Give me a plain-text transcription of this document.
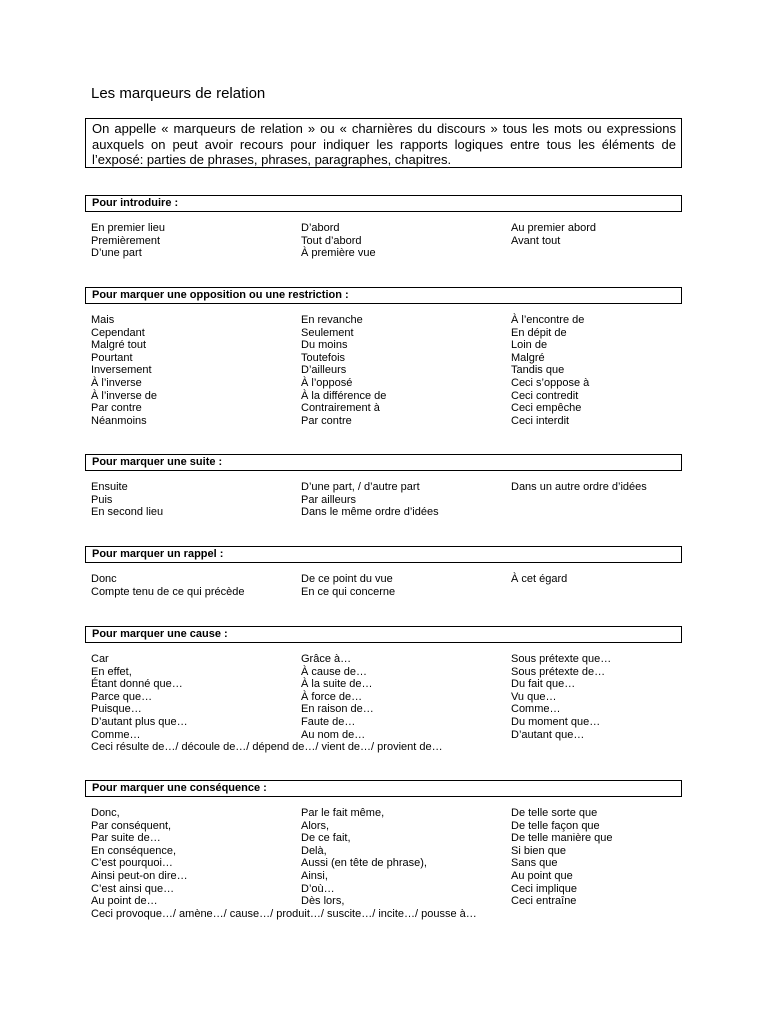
Les marqueurs de relation
On appelle « marqueurs de relation » ou « charnières du discours » tous les mots ou expressions auxquels on peut avoir recours pour indiquer les rapports logiques entre tous les éléments de l’exposé: parties de phrases, phrases, paragraphes, chapitres.
Pour introduire :
En premier lieu
Premièrement
D’une part
D’abord
Tout d’abord
À première vue
Au premier abord
Avant tout
Pour marquer une opposition ou une restriction :
Mais
Cependant
Malgré tout
Pourtant
Inversement
À l’inverse
À l’inverse de
Par contre
Néanmoins
En revanche
Seulement
Du moins
Toutefois
D’ailleurs
À l’opposé
À la différence de
Contrairement à
Par contre
À l’encontre de
En dépit de
Loin de
Malgré
Tandis que
Ceci s’oppose à
Ceci contredit
Ceci empêche
Ceci interdit
Pour marquer une suite :
Ensuite
Puis
En second lieu
D’une part, / d’autre part
Par ailleurs
Dans le même ordre d’idées
Dans un autre ordre d’idées
Pour marquer un rappel :
Donc
Compte tenu de ce qui précède
De ce point du vue
En ce qui concerne
À cet égard
Pour marquer une cause :
Car
En effet,
Étant donné que…
Parce que…
Puisque…
D’autant plus que…
Comme…
Grâce à…
À cause de…
À la suite de…
À force de…
En raison de…
Faute de…
Au nom de…
Sous prétexte que…
Sous prétexte de…
Du fait que…
Vu que…
Comme…
Du moment que…
D’autant que…
Ceci résulte de…/ découle de…/ dépend de…/ vient de…/ provient de…
Pour marquer une conséquence :
Donc,
Par conséquent,
Par suite de…
En conséquence,
C’est pourquoi…
Ainsi peut-on dire…
C’est ainsi que…
Au point de…
Par le fait même,
Alors,
De ce fait,
Delà,
Aussi (en tête de phrase),
Ainsi,
D’où…
Dès lors,
De telle sorte que
De telle façon que
De telle manière que
Si bien que
Sans que
Au point que
Ceci implique
Ceci entraîne
Ceci provoque…/ amène…/ cause…/ produit…/ suscite…/ incite…/ pousse à…
